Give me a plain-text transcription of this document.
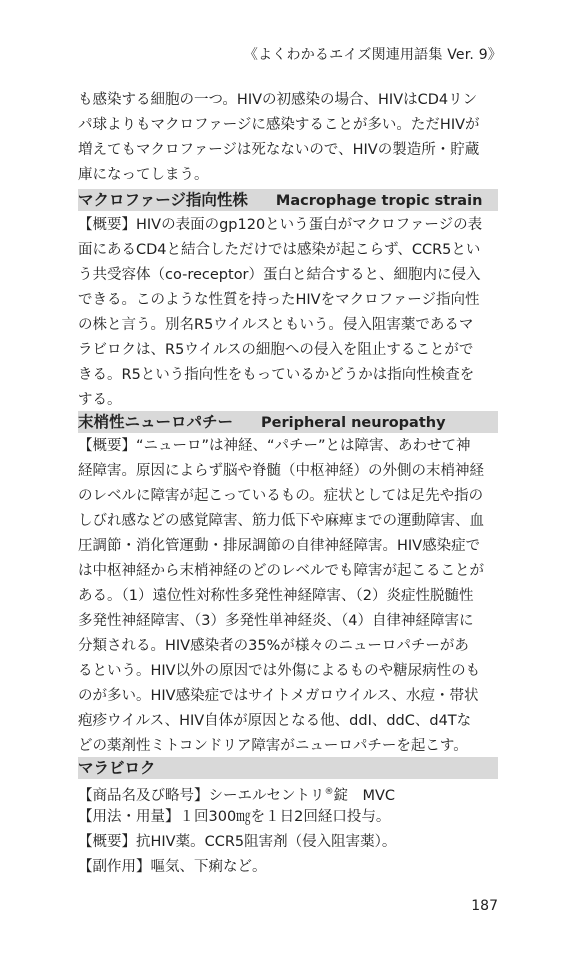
《よくわかるエイズ関連用語集 Ver. 9》
も感染する細胞の一つ。HIVの初感染の場合、HIVはCD4リン
パ球よりもマクロファージに感染することが多い。ただHIVが
増えてもマクロファージは死なないので、HIVの製造所・貯蔵
庫になってしまう。
マクロファージ指向性株 Macrophage tropic strain
【概要】HIVの表面のgp120という蛋白がマクロファージの表
面にあるCD4と結合しただけでは感染が起こらず、CCR5とい
う共受容体（co-receptor）蛋白と結合すると、細胞内に侵入
できる。このような性質を持ったHIVをマクロファージ指向性
の株と言う。別名R5ウイルスともいう。侵入阻害薬であるマ
ラビロクは、R5ウイルスの細胞への侵入を阻止することがで
きる。R5という指向性をもっているかどうかは指向性検査を
する。
末梢性ニューロパチー Peripheral neuropathy
【概要】“ニューロ”は神経、“パチー”とは障害、あわせて神
経障害。原因によらず脳や脊髄（中枢神経）の外側の末梢神経
のレベルに障害が起こっているもの。症状としては足先や指の
しびれ感などの感覚障害、筋力低下や麻痺までの運動障害、血
圧調節・消化管運動・排尿調節の自律神経障害。HIV感染症で
は中枢神経から末梢神経のどのレベルでも障害が起こることが
ある。（1）遠位性対称性多発性神経障害、（2）炎症性脱髄性
多発性神経障害、（3）多発性単神経炎、（4）自律神経障害に
分類される。HIV感染者の35%が様々のニューロパチーがあ
るという。HIV以外の原因では外傷によるものや糖尿病性のも
のが多い。HIV感染症ではサイトメガロウイルス、水痘・帯状
疱疹ウイルス、HIV自体が原因となる他、ddI、ddC、d4Tな
どの薬剤性ミトコンドリア障害がニューロパチーを起こす。
マラビロク
【商品名及び略号】シーエルセントリ®錠　MVC
【用法・用量】１回300㎎を１日2回経口投与。
【概要】抗HIV薬。CCR5阻害剤（侵入阻害薬）。
【副作用】嘔気、下痢など。
187
